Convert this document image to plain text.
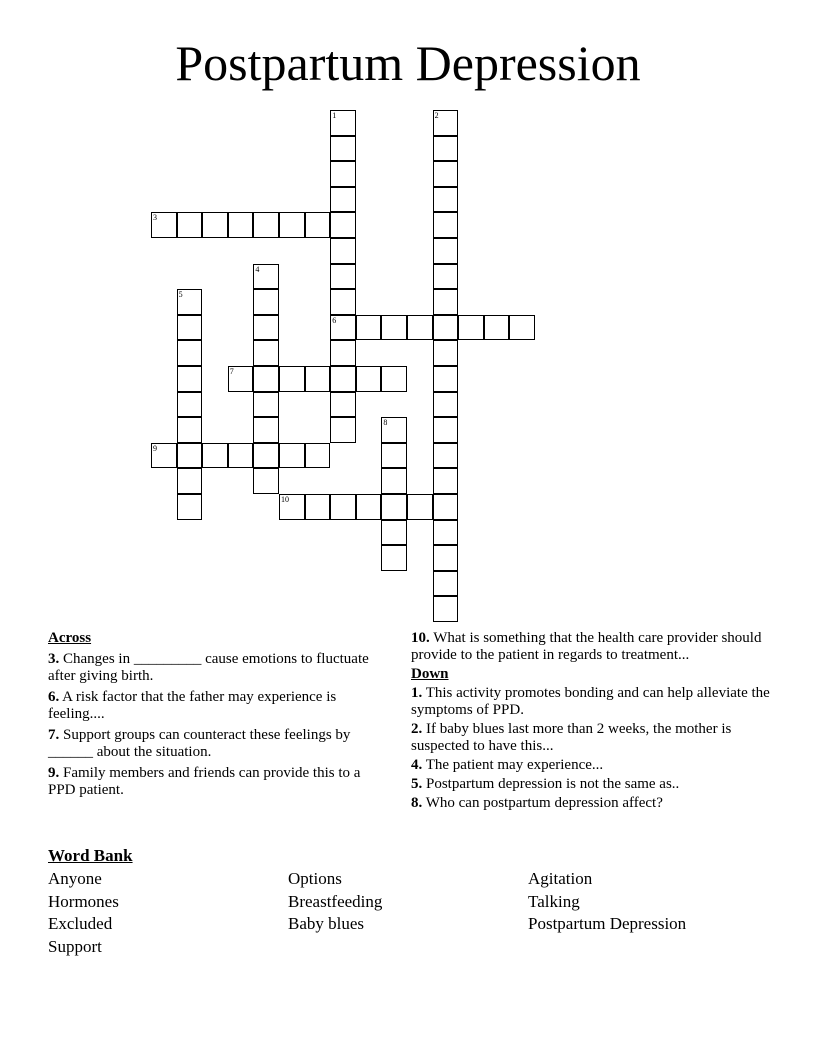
Postpartum Depression
1
6
2
3
4
5
7
8
9
10
Across
3. Changes in _________ cause emotions to fluctuate after giving birth.
6. A risk factor that the father may experience is feeling....
7. Support groups can counteract these feelings by ______ about the situation.
9. Family members and friends can provide this to a PPD patient.
10. What is something that the health care provider should provide to the patient in regards to treatment...
Down
1. This activity promotes bonding and can help alleviate the symptoms of PPD.
2. If baby blues last more than 2 weeks, the mother is suspected to have this...
4. The patient may experience...
5. Postpartum depression is not the same as..
8. Who can postpartum depression affect?
Word Bank
Anyone	Options	Agitation
Hormones	Breastfeeding	Talking
Excluded	Baby blues	Postpartum Depression
Support
